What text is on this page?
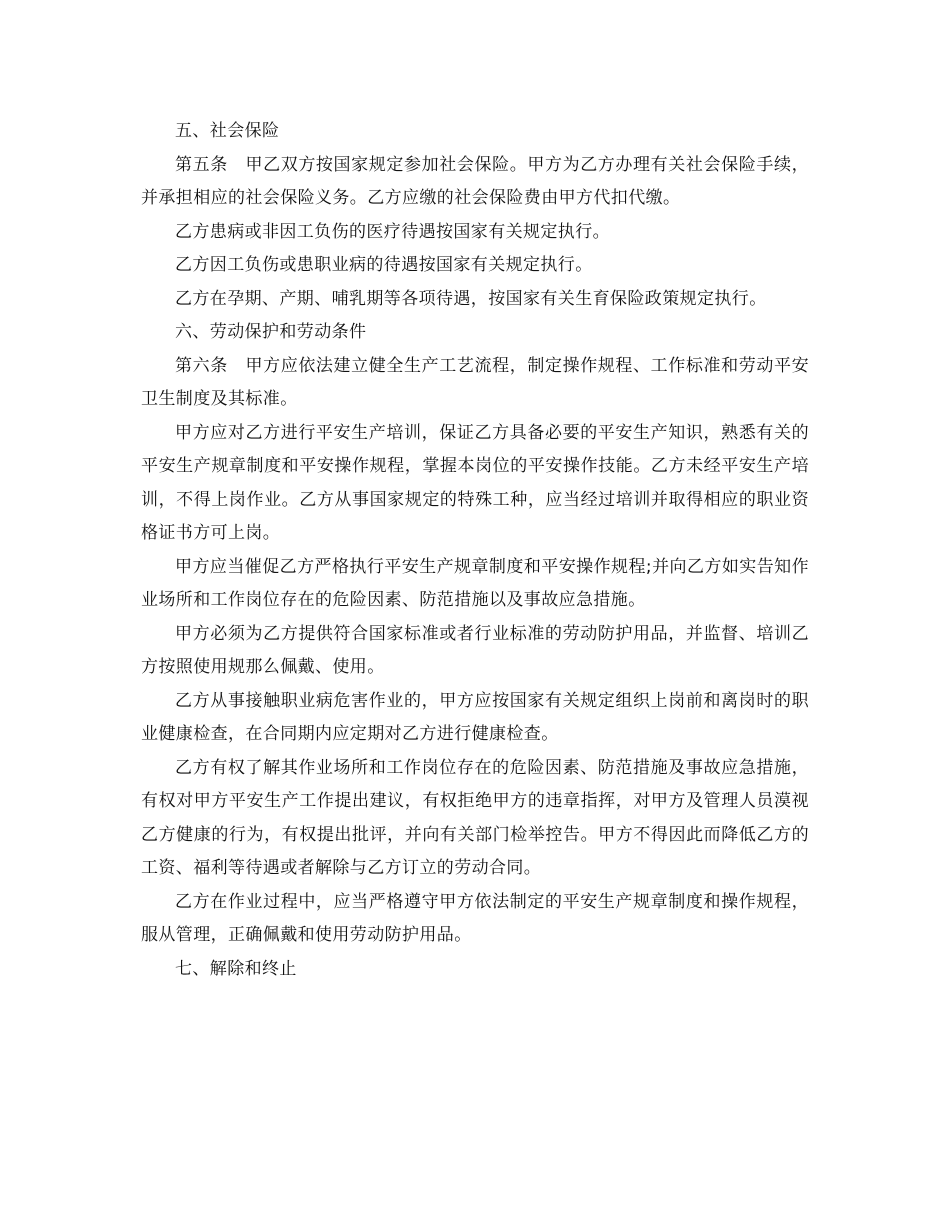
五、社会保险

第五条　甲乙双方按国家规定参加社会保险。甲方为乙方办理有关社会保险手续，并承担相应的社会保险义务。乙方应缴的社会保险费由甲方代扣代缴。

乙方患病或非因工负伤的医疗待遇按国家有关规定执行。

乙方因工负伤或患职业病的待遇按国家有关规定执行。

乙方在孕期、产期、哺乳期等各项待遇，按国家有关生育保险政策规定执行。

六、劳动保护和劳动条件

第六条　甲方应依法建立健全生产工艺流程，制定操作规程、工作标准和劳动平安卫生制度及其标准。

甲方应对乙方进行平安生产培训，保证乙方具备必要的平安生产知识，熟悉有关的平安生产规章制度和平安操作规程，掌握本岗位的平安操作技能。乙方未经平安生产培训，不得上岗作业。乙方从事国家规定的特殊工种，应当经过培训并取得相应的职业资格证书方可上岗。

甲方应当催促乙方严格执行平安生产规章制度和平安操作规程;并向乙方如实告知作业场所和工作岗位存在的危险因素、防范措施以及事故应急措施。

甲方必须为乙方提供符合国家标准或者行业标准的劳动防护用品，并监督、培训乙方按照使用规那么佩戴、使用。

乙方从事接触职业病危害作业的，甲方应按国家有关规定组织上岗前和离岗时的职业健康检查，在合同期内应定期对乙方进行健康检查。

乙方有权了解其作业场所和工作岗位存在的危险因素、防范措施及事故应急措施，有权对甲方平安生产工作提出建议，有权拒绝甲方的违章指挥，对甲方及管理人员漠视乙方健康的行为，有权提出批评，并向有关部门检举控告。甲方不得因此而降低乙方的工资、福利等待遇或者解除与乙方订立的劳动合同。

乙方在作业过程中，应当严格遵守甲方依法制定的平安生产规章制度和操作规程，服从管理，正确佩戴和使用劳动防护用品。

七、解除和终止
